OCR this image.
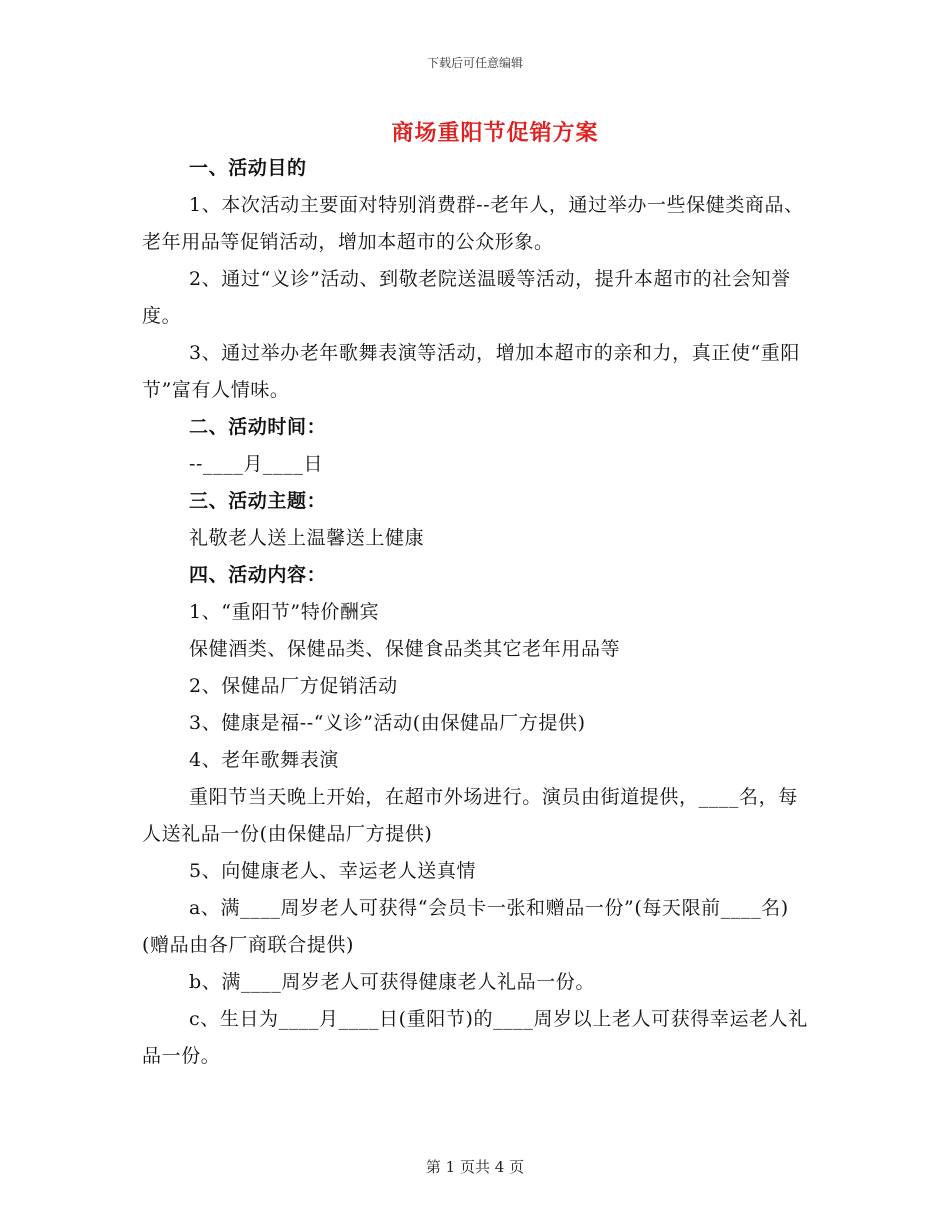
下载后可任意编辑
商场重阳节促销方案

一、活动目的

1、本次活动主要面对特别消费群--老年人，通过举办一些保健类商品、老年用品等促销活动，增加本超市的公众形象。

2、通过“义诊”活动、到敬老院送温暖等活动，提升本超市的社会知誉度。

3、通过举办老年歌舞表演等活动，增加本超市的亲和力，真正使“重阳节”富有人情味。

二、活动时间：

--____月____日

三、活动主题：

礼敬老人送上温馨送上健康

四、活动内容：

1、“重阳节”特价酬宾

保健酒类、保健品类、保健食品类其它老年用品等

2、保健品厂方促销活动

3、健康是福--“义诊”活动(由保健品厂方提供)

4、老年歌舞表演

重阳节当天晚上开始，在超市外场进行。演员由街道提供，____名，每人送礼品一份(由保健品厂方提供)

5、向健康老人、幸运老人送真情

a、满____周岁老人可获得“会员卡一张和赠品一份”(每天限前____名)(赠品由各厂商联合提供)

b、满____周岁老人可获得健康老人礼品一份。

c、生日为____月____日(重阳节)的____周岁以上老人可获得幸运老人礼品一份。

第 1 页共 4 页
